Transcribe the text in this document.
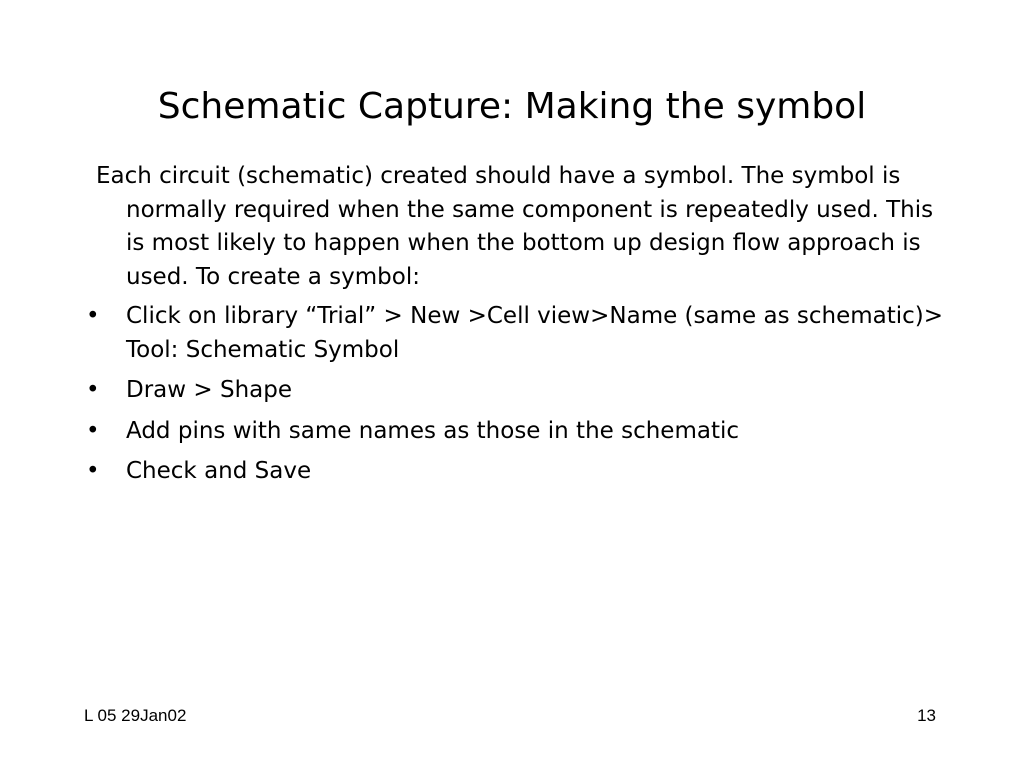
Schematic Capture: Making the symbol

Each circuit (schematic) created should have a symbol. The symbol is normally required when the same component is repeatedly used. This is most likely to happen when the bottom up design flow approach is used. To create a symbol:

• Click on library “Trial” > New >Cell view>Name (same as schematic)> Tool: Schematic Symbol
• Draw > Shape
• Add pins with same names as those in the schematic
• Check and Save
L 05 29Jan02	13
